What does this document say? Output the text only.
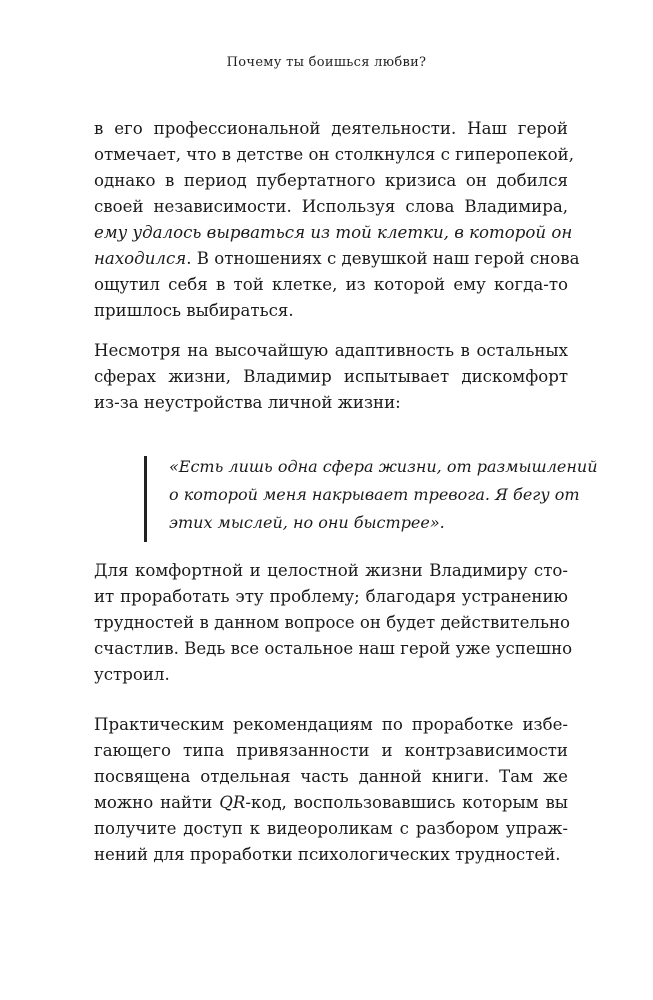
Почему ты боишься любви?
в его профессиональной деятельности. Наш герой
отмечает, что в детстве он столкнулся с гиперопекой,
однако в период пубертатного кризиса он добился
своей независимости. Используя слова Владимира,
ему удалось вырваться из той клетки, в которой он
находился. В отношениях с девушкой наш герой снова
ощутил себя в той клетке, из которой ему когда-то
пришлось выбираться.
Несмотря на высочайшую адаптивность в остальных
сферах жизни, Владимир испытывает дискомфорт
из-за неустройства личной жизни:
«Есть лишь одна сфера жизни, от размышлений
о которой меня накрывает тревога. Я бегу от
этих мыслей, но они быстрее».
Для комфортной и целостной жизни Владимиру сто-
ит проработать эту проблему; благодаря устранению
трудностей в данном вопросе он будет действительно
счастлив. Ведь все остальное наш герой уже успешно
устроил.
Практическим рекомендациям по проработке избе-
гающего типа привязанности и контрзависимости
посвящена отдельная часть данной книги. Там же
можно найти QR-код, воспользовавшись которым вы
получите доступ к видеороликам с разбором упраж-
нений для проработки психологических трудностей.
